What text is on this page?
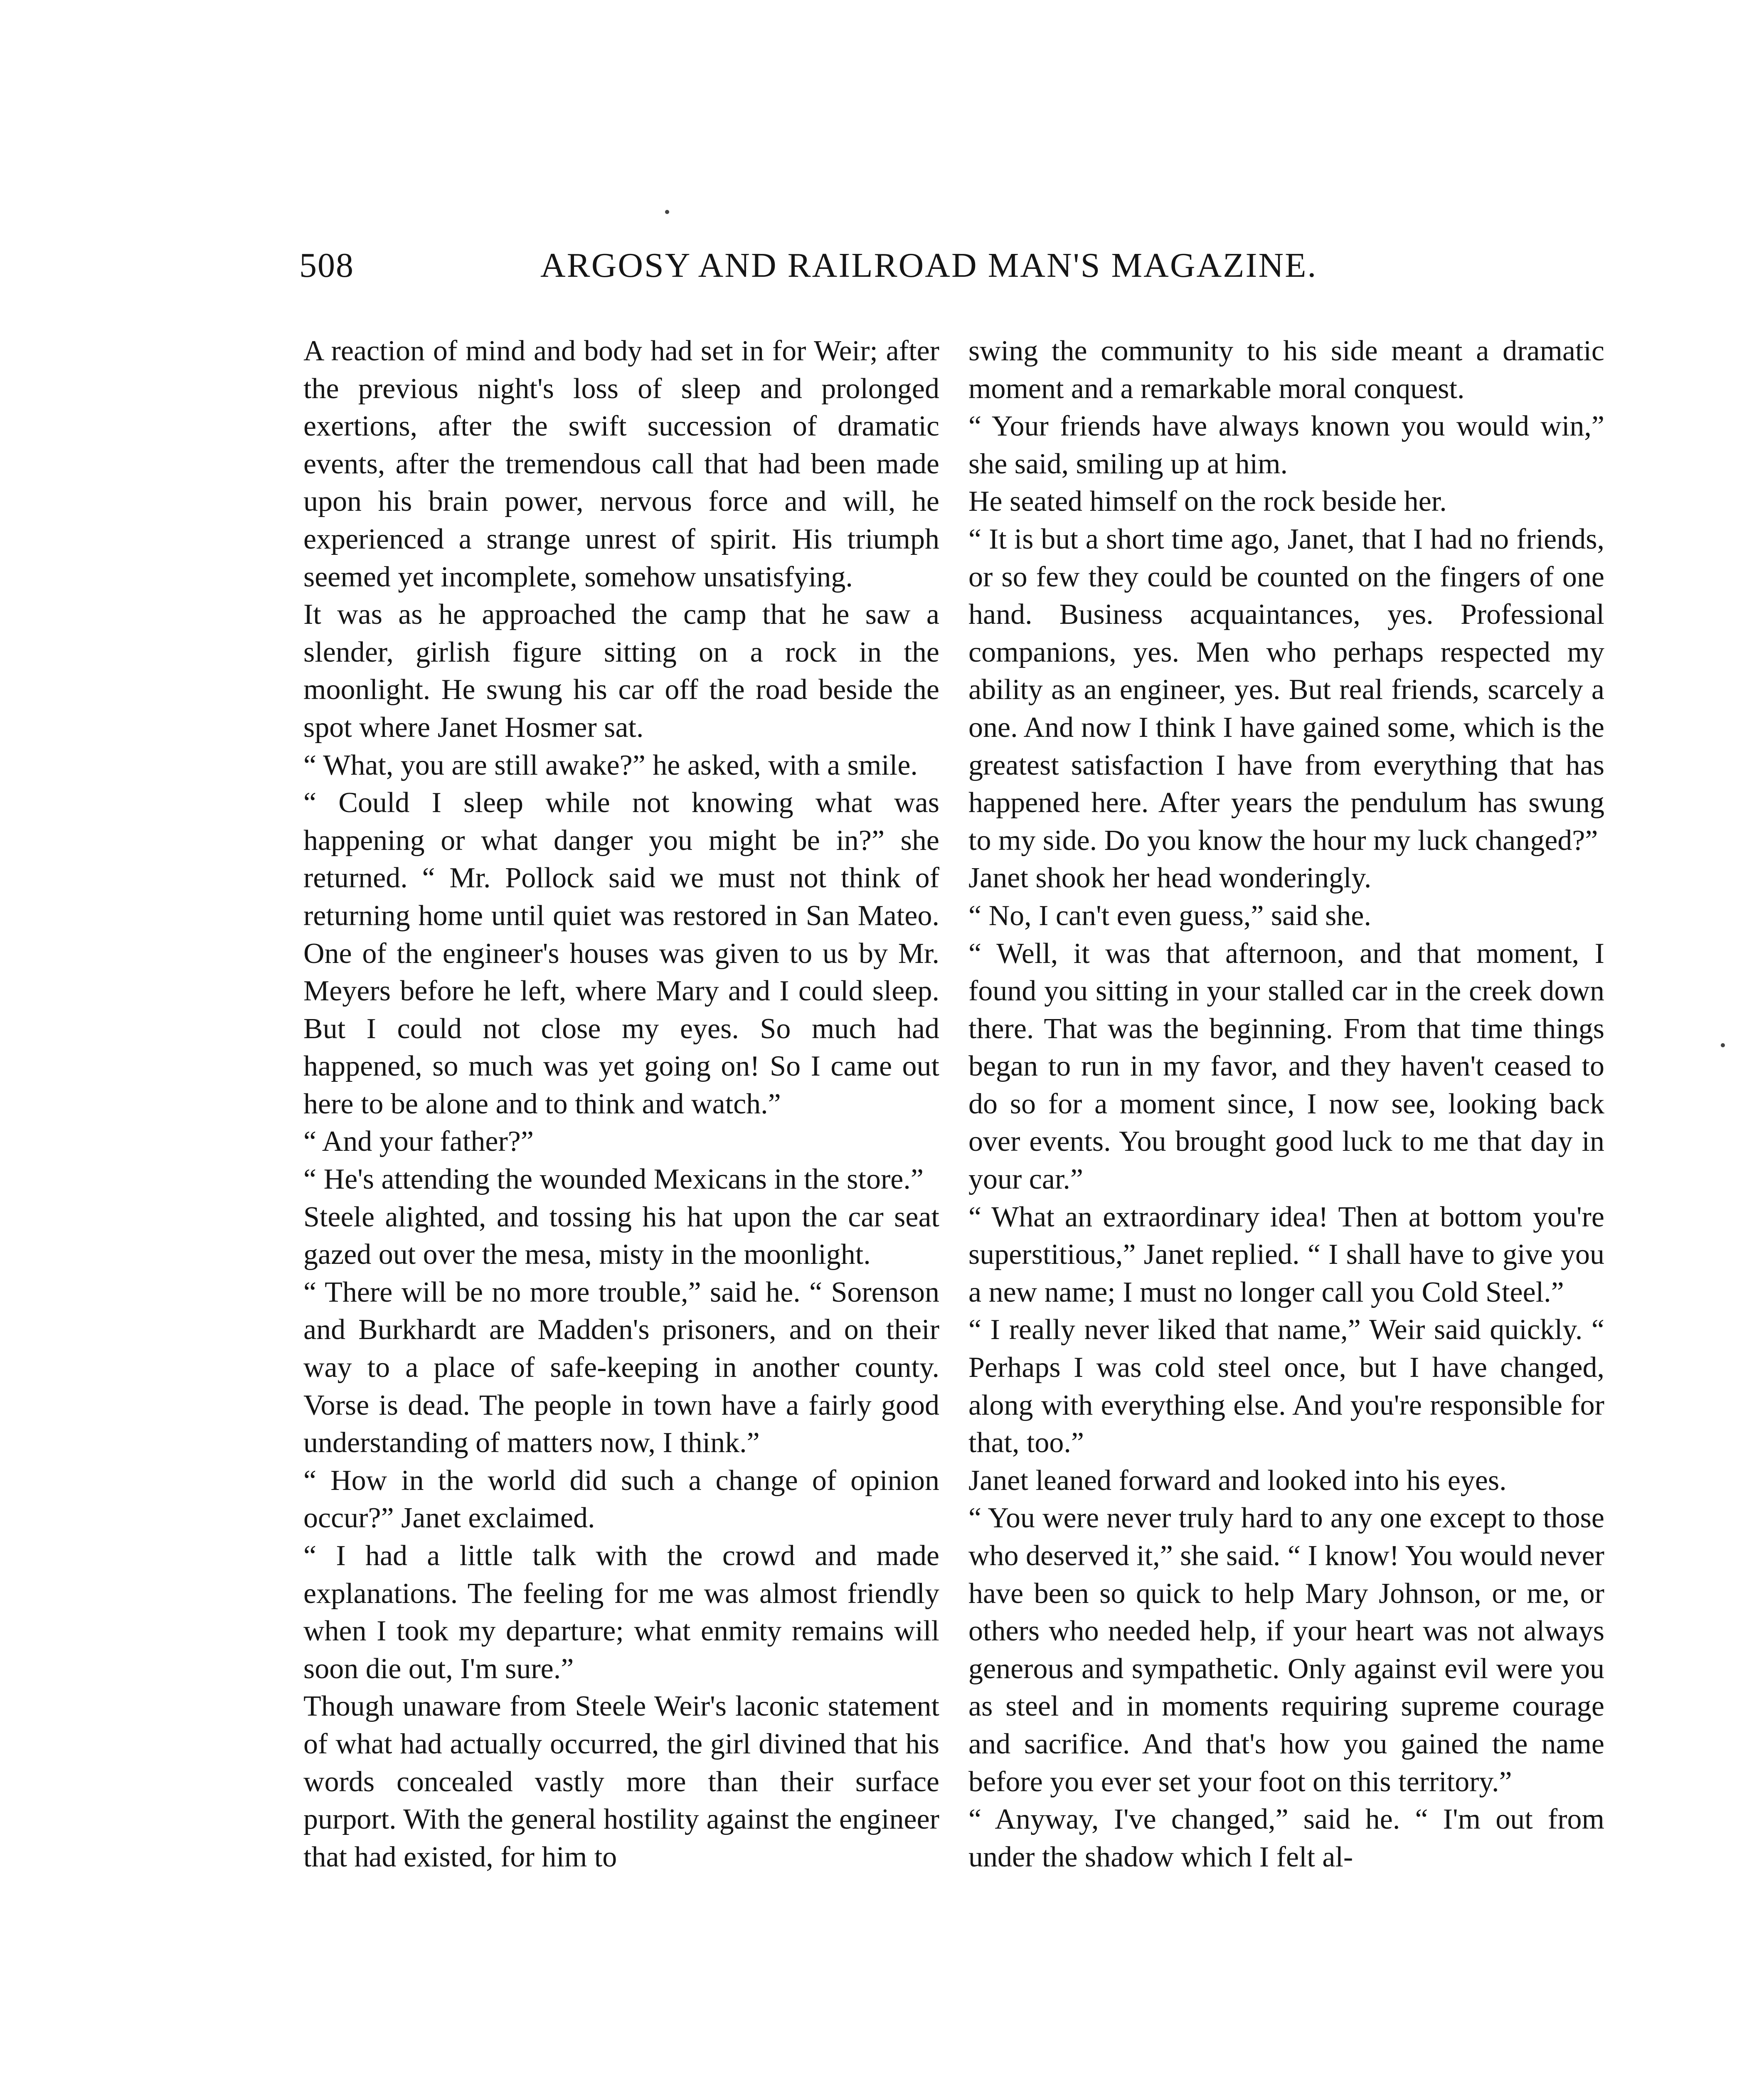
508	ARGOSY AND RAILROAD MAN'S MAGAZINE.

A reaction of mind and body had set in for Weir; after the previous night's loss of sleep and prolonged exertions, after the swift succession of dramatic events, after the tremendous call that had been made upon his brain power, nervous force and will, he experienced a strange unrest of spirit. His triumph seemed yet incomplete, somehow unsatisfying.

It was as he approached the camp that he saw a slender, girlish figure sitting on a rock in the moonlight. He swung his car off the road beside the spot where Janet Hosmer sat.

“ What, you are still awake?” he asked, with a smile.

“ Could I sleep while not knowing what was happening or what danger you might be in?” she returned. “ Mr. Pollock said we must not think of returning home until quiet was restored in San Mateo. One of the engineer's houses was given to us by Mr. Meyers before he left, where Mary and I could sleep. But I could not close my eyes. So much had happened, so much was yet going on! So I came out here to be alone and to think and watch.”

“ And your father?”

“ He's attending the wounded Mexicans in the store.”

Steele alighted, and tossing his hat upon the car seat gazed out over the mesa, misty in the moonlight.

“ There will be no more trouble,” said he. “ Sorenson and Burkhardt are Madden's prisoners, and on their way to a place of safe-keeping in another county. Vorse is dead. The people in town have a fairly good understanding of matters now, I think.”

“ How in the world did such a change of opinion occur?” Janet exclaimed.

“ I had a little talk with the crowd and made explanations. The feeling for me was almost friendly when I took my departure; what enmity remains will soon die out, I'm sure.”

Though unaware from Steele Weir's laconic statement of what had actually occurred, the girl divined that his words concealed vastly more than their surface purport. With the general hostility against the engineer that had existed, for him to

swing the community to his side meant a dramatic moment and a remarkable moral conquest.

“ Your friends have always known you would win,” she said, smiling up at him.

He seated himself on the rock beside her.

“ It is but a short time ago, Janet, that I had no friends, or so few they could be counted on the fingers of one hand. Business acquaintances, yes. Professional companions, yes. Men who perhaps respected my ability as an engineer, yes. But real friends, scarcely a one. And now I think I have gained some, which is the greatest satisfaction I have from everything that has happened here. After years the pendulum has swung to my side. Do you know the hour my luck changed?”

Janet shook her head wonderingly.

“ No, I can't even guess,” said she.

“ Well, it was that afternoon, and that moment, I found you sitting in your stalled car in the creek down there. That was the beginning. From that time things began to run in my favor, and they haven't ceased to do so for a moment since, I now see, looking back over events. You brought good luck to me that day in your car.”

“ What an extraordinary idea! Then at bottom you're superstitious,” Janet replied. “ I shall have to give you a new name; I must no longer call you Cold Steel.”

“ I really never liked that name,” Weir said quickly. “ Perhaps I was cold steel once, but I have changed, along with everything else. And you're responsible for that, too.”

Janet leaned forward and looked into his eyes.

“ You were never truly hard to any one except to those who deserved it,” she said. “ I know! You would never have been so quick to help Mary Johnson, or me, or others who needed help, if your heart was not always generous and sympathetic. Only against evil were you as steel and in moments requiring supreme courage and sacrifice. And that's how you gained the name before you ever set your foot on this territory.”

“ Anyway, I've changed,” said he. “ I'm out from under the shadow which I felt al-
